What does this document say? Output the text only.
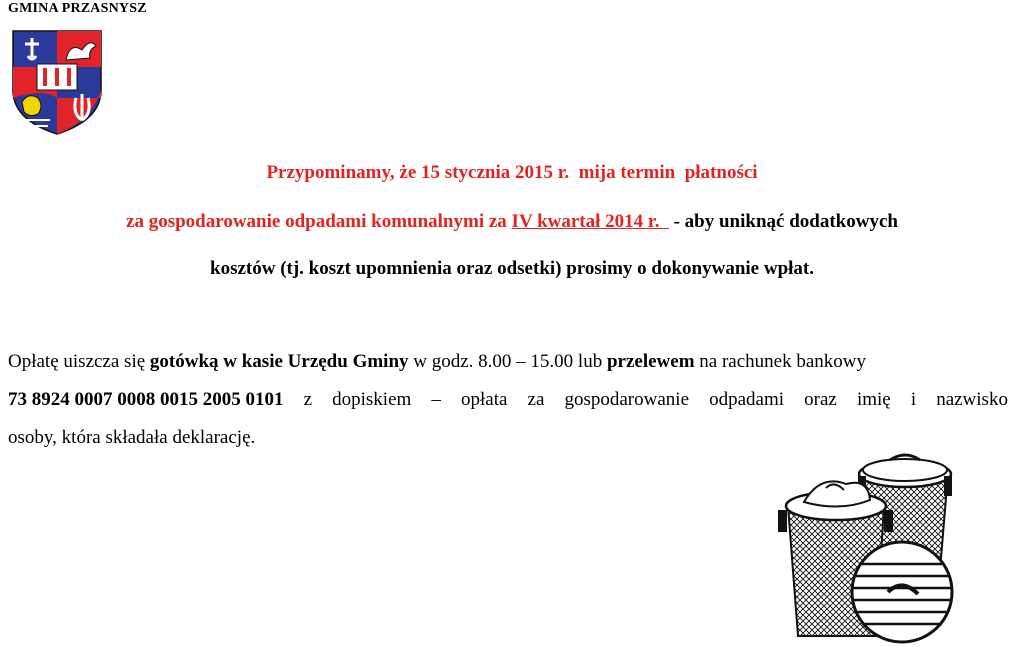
GMINA PRZASNYSZ
Przypominamy, że 15 stycznia 2015 r.  mija termin  płatności
za gospodarowanie odpadami komunalnymi za IV kwartał 2014 r.   - aby uniknąć dodatkowych
kosztów (tj. koszt upomnienia oraz odsetki) prosimy o dokonywanie wpłat.
Opłatę uiszcza się gotówką w kasie Urzędu Gminy w godz. 8.00 – 15.00 lub przelewem na rachunek bankowy
73 8924 0007 0008 0015 2005 0101 z dopiskiem – opłata za gospodarowanie odpadami oraz imię i nazwisko
osoby, która składała deklarację.
